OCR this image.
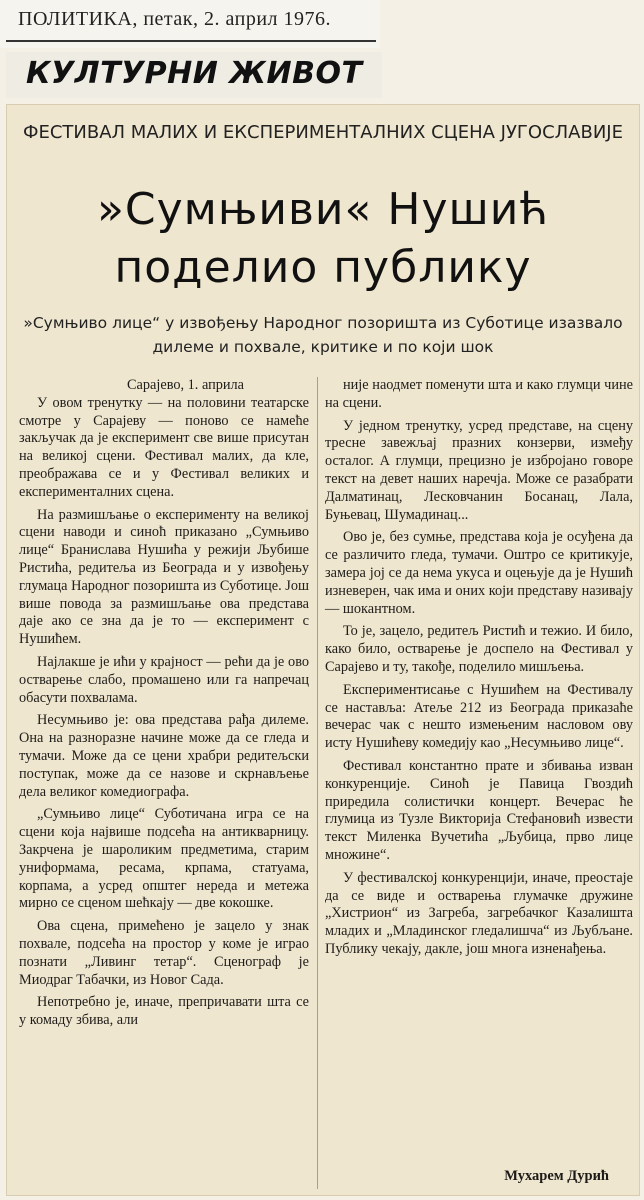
ПОЛИТИКА, петак, 2. април 1976.
КУЛТУРНИ ЖИВОТ
ФЕСТИВАЛ МАЛИХ И ЕКСПЕРИМЕНТАЛНИХ СЦЕНА ЈУГОСЛАВИЈЕ
»Сумњиви« Нушић поделио публику
»Сумњиво лице“ у извођењу Народног позоришта из Суботице изазвало дилеме и похвале, критике и по који шок

Сарајево, 1. априла

У овом тренутку — на половини театарске смотре у Сарајеву — поново се намеће закључак да је експеримент све више присутан на великој сцени. Фестивал малих, да кле, преображава се и у Фестивал великих и експерименталних сцена.

На размишљање о експерименту на великој сцени наводи и синоћ приказано „Сумњиво лице“ Бранислава Нушића у режији Љубише Ристића, редитеља из Београда и у извођењу глумаца Народног позоришта из Суботице. Још више повода за размишљање ова представа даје ако се зна да је то — експеримент с Нушићем.

Најлакше је ићи у крајност — рећи да је ово остварење слабо, промашено или га напречац обасути похвалама.

Несумњиво је: ова представа рађа дилеме. Она на разноразне начине може да се гледа и тумачи. Може да се цени храбри редитељски поступак, може да се назове и скрнављење дела великог комедиографа.

„Сумњиво лице“ Суботичана игра се на сцени која највише подсећа на антикварницу. Закрчена је шароликим предметима, старим униформама, ресама, крпама, статуама, корпама, а усред општег нереда и метежа мирно се сценом шећкају — две кокошке.

Ова сцена, примећено је зацело у знак похвале, подсећа на простор у коме је играо познати „Ливинг тетар“. Сценограф је Миодраг Табачки, из Новог Сада.

Непотребно је, иначе, препричавати шта се у комаду збива, али

није наодмет поменути шта и како глумци чине на сцени.

У једном тренутку, усред представе, на сцену тресне завежљај празних конзерви, између осталог. А глумци, прецизно је избројано говоре текст на девет наших наречја. Може се разабрати Далматинац, Лесковчанин Босанац, Лала, Буњевац, Шумадинац...

Ово је, без сумње, представа која је осуђена да се различито гледа, тумачи. Оштро се критикује, замера јој се да нема укуса и оцењује да је Нушић изневерен, чак има и оних који представу називају — шокантном.

То је, зацело, редитељ Ристић и тежио. И било, како било, остварење је доспело на Фестивал у Сарајево и ту, такође, поделило мишљења.

Експериментисање с Нушићем на Фестивалу се наставља: Атеље 212 из Београда приказаће вечерас чак с нешто измењеним насловом ову исту Нушићеву комедију као „Несумњиво лице“.

Фестивал константно прате и збивања изван конкуренције. Синоћ је Павица Гвоздић приредила солистички концерт. Вечерас ће глумица из Тузле Викторија Стефановић извести текст Миленка Вучетића „Љубица, прво лице множине“.

У фестивалској конкуренцији, иначе, преостаје да се виде и остварења глумачке дружине „Хистрион“ из Загреба, загребачког Казалишта младих и „Младинског гледалишча“ из Љубљане. Публику чекају, дакле, још многа изненађења.

Мухарем Дурић
